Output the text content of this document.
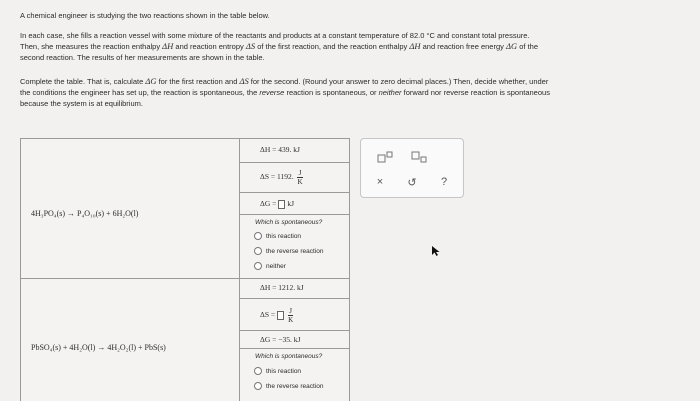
A chemical engineer is studying the two reactions shown in the table below.
In each case, she fills a reaction vessel with some mixture of the reactants and products at a constant temperature of 82.0 °C and constant total pressure.
Then, she measures the reaction enthalpy ΔH and reaction entropy ΔS of the first reaction, and the reaction enthalpy ΔH and reaction free energy ΔG of the
second reaction. The results of her measurements are shown in the table.
Complete the table. That is, calculate ΔG for the first reaction and ΔS for the second. (Round your answer to zero decimal places.) Then, decide whether, under
the conditions the engineer has set up, the reaction is spontaneous, the reverse reaction is spontaneous, or neither forward nor reverse reaction is spontaneous
because the system is at equilibrium.
4H₃PO₄(s) → P₄O₁₀(s) + 6H₂O(l)
ΔH = 439. kJ
ΔS = 1192. $\frac{J}{K}$
ΔG = kJ
Which is spontaneous?
this reaction
the reverse reaction
neither
PbSO₄(s) + 4H₂O(l) → 4H₂O₂(l) + PbS(s)
ΔH = 1212. kJ
$\Delta S = \frac{J}{K}$
ΔG = −35. kJ
Which is spontaneous?
this reaction
the reverse reaction
×	↺	?
